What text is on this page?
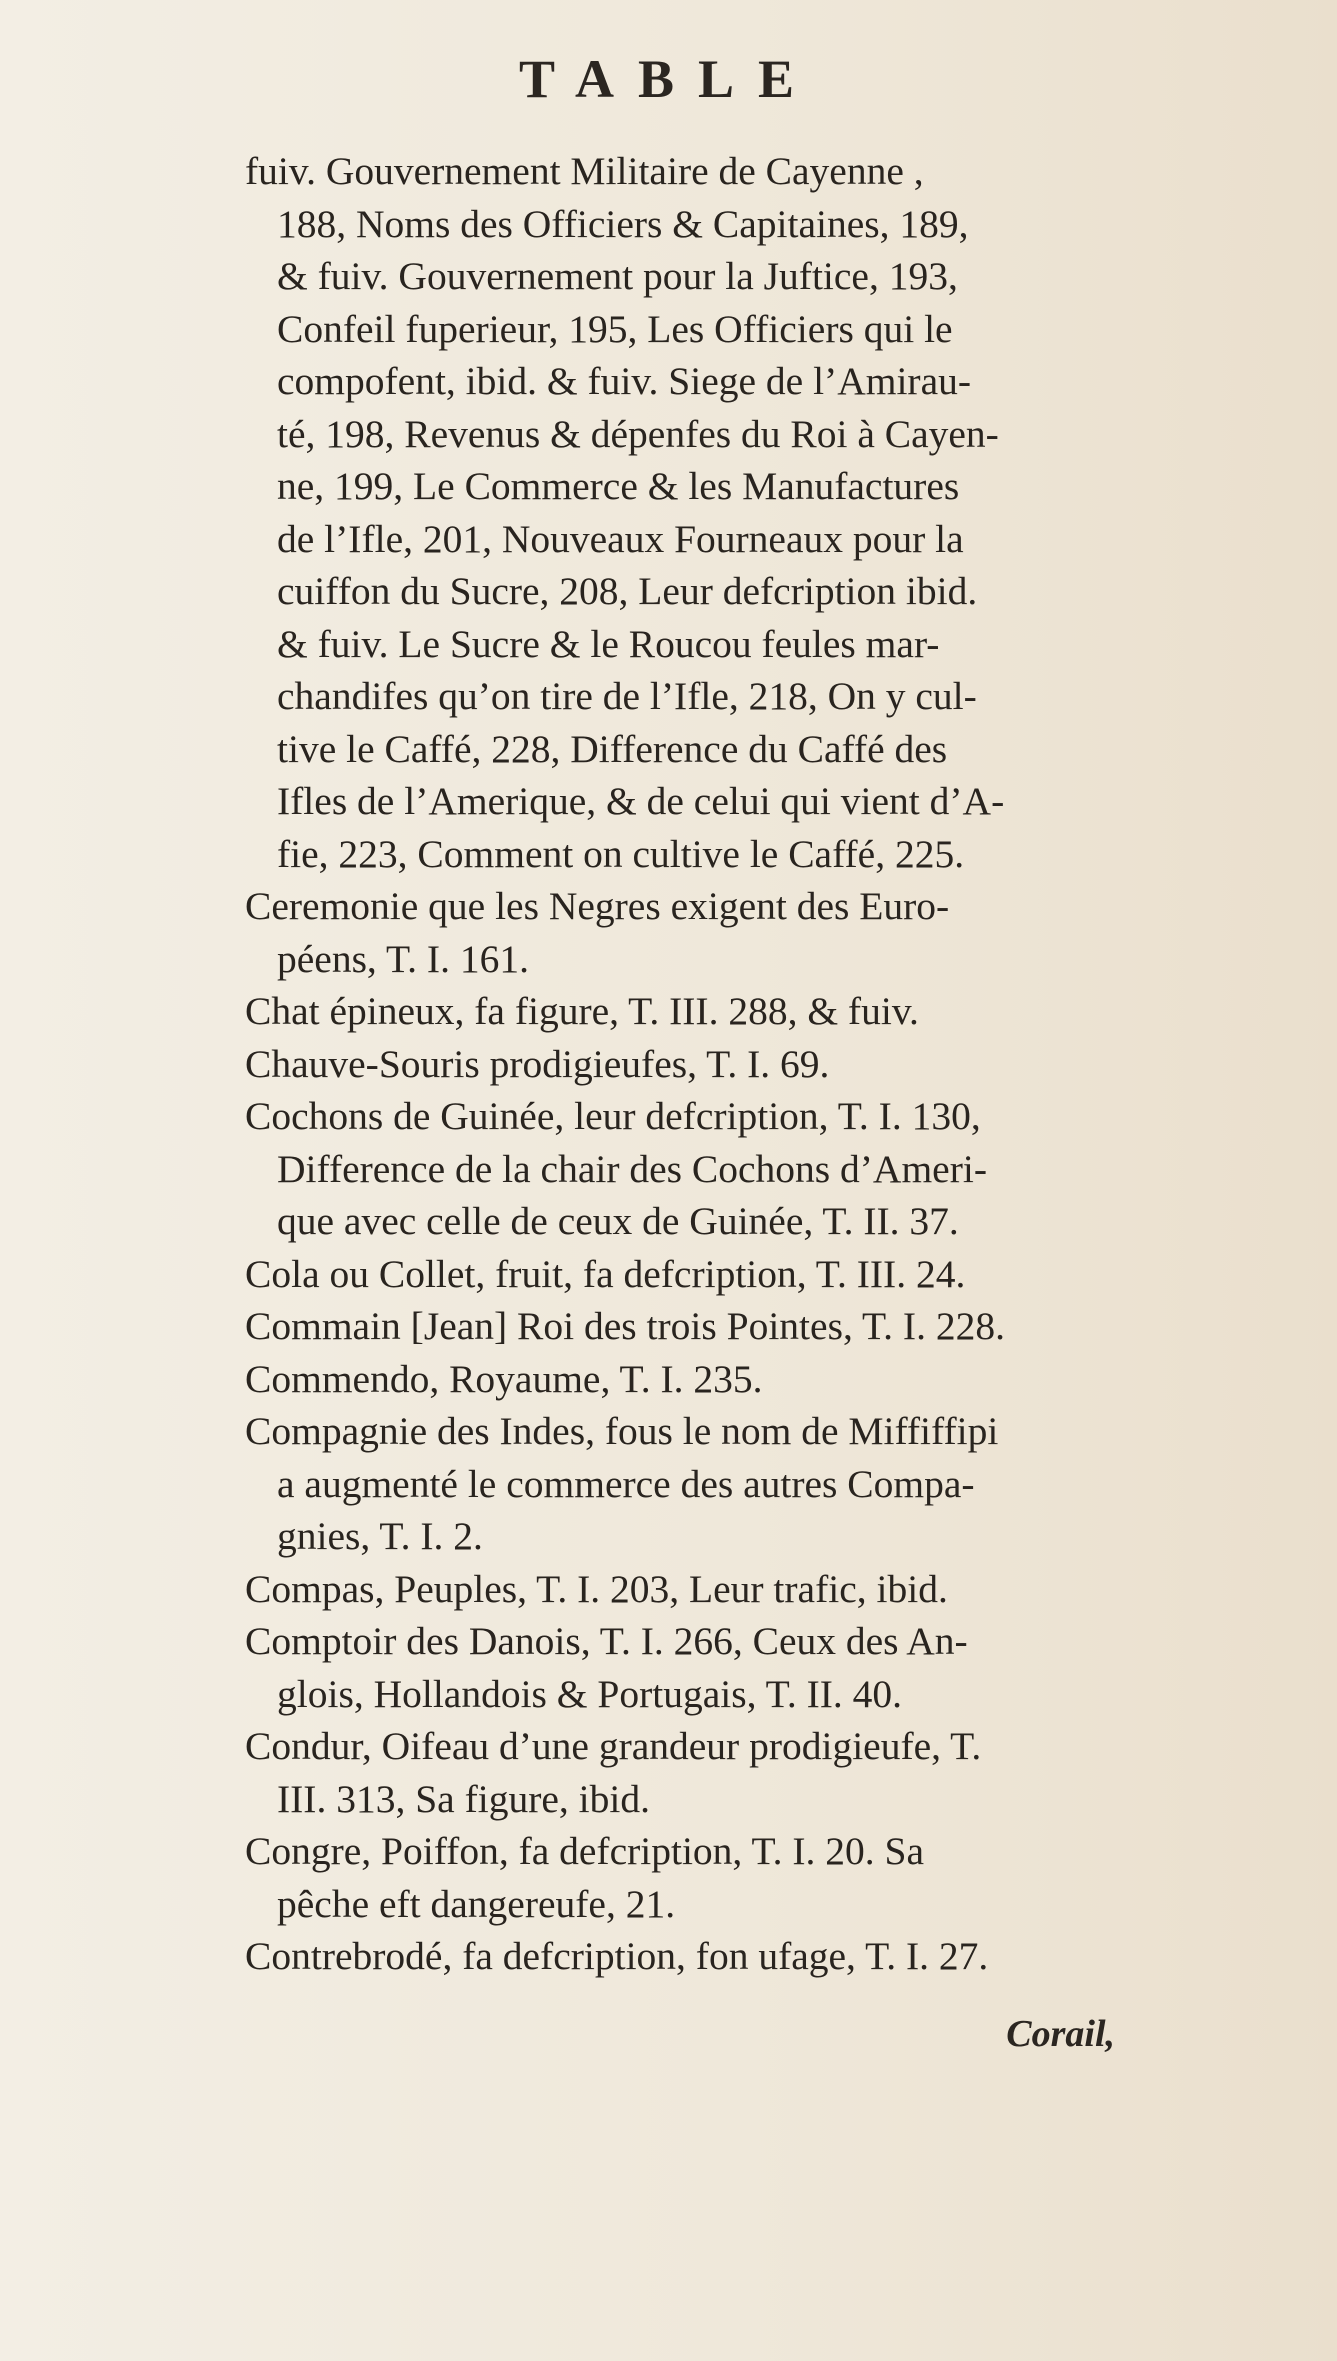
TABLE
fuiv. Gouvernement Militaire de Cayenne ,
188, Noms des Officiers & Capitaines, 189,
& fuiv. Gouvernement pour la Juftice, 193,
Confeil fuperieur, 195, Les Officiers qui le
compofent, ibid. & fuiv. Siege de l’Amirau-
té, 198, Revenus & dépenfes du Roi à Cayen-
ne, 199, Le Commerce & les Manufactures
de l’Ifle, 201, Nouveaux Fourneaux pour la
cuiffon du Sucre, 208, Leur defcription ibid.
& fuiv. Le Sucre & le Roucou feules mar-
chandifes qu’on tire de l’Ifle, 218, On y cul-
tive le Caffé, 228, Difference du Caffé des
Ifles de l’Amerique, & de celui qui vient d’A-
fie, 223, Comment on cultive le Caffé, 225.
Ceremonie que les Negres exigent des Euro-
péens, T. I. 161.
Chat épineux, fa figure, T. III. 288, & fuiv.
Chauve-Souris prodigieufes, T. I. 69.
Cochons de Guinée, leur defcription, T. I. 130,
Difference de la chair des Cochons d’Ameri-
que avec celle de ceux de Guinée, T. II. 37.
Cola ou Collet, fruit, fa defcription, T. III. 24.
Commain [Jean] Roi des trois Pointes, T. I. 228.
Commendo, Royaume, T. I. 235.
Compagnie des Indes, fous le nom de Miffiffipi
a augmenté le commerce des autres Compa-
gnies, T. I. 2.
Compas, Peuples, T. I. 203, Leur trafic, ibid.
Comptoir des Danois, T. I. 266, Ceux des An-
glois, Hollandois & Portugais, T. II. 40.
Condur, Oifeau d’une grandeur prodigieufe, T.
III. 313, Sa figure, ibid.
Congre, Poiffon, fa defcription, T. I. 20. Sa
pêche eft dangereufe, 21.
Contrebrodé, fa defcription, fon ufage, T. I. 27.
Corail,
